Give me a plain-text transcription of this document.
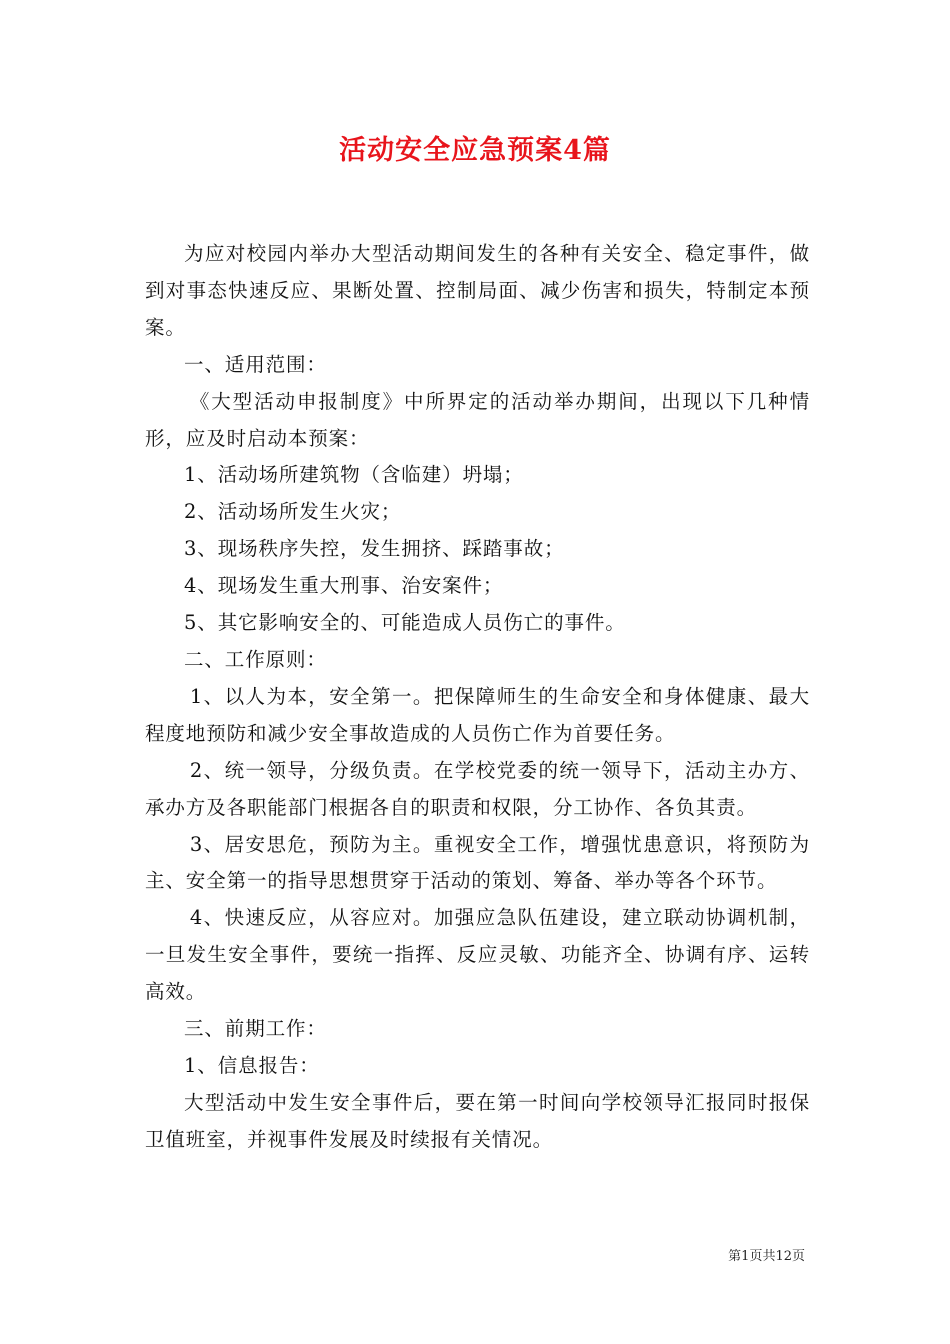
活动安全应急预案4篇

为应对校园内举办大型活动期间发生的各种有关安全、稳定事件，做到对事态快速反应、果断处置、控制局面、减少伤害和损失，特制定本预案。

一、适用范围：

《大型活动申报制度》中所界定的活动举办期间，出现以下几种情形，应及时启动本预案：

1、活动场所建筑物（含临建）坍塌；

2、活动场所发生火灾；

3、现场秩序失控，发生拥挤、踩踏事故；

4、现场发生重大刑事、治安案件；

5、其它影响安全的、可能造成人员伤亡的事件。

二、工作原则：

1、以人为本，安全第一。把保障师生的生命安全和身体健康、最大程度地预防和减少安全事故造成的人员伤亡作为首要任务。

2、统一领导，分级负责。在学校党委的统一领导下，活动主办方、承办方及各职能部门根据各自的职责和权限，分工协作、各负其责。

3、居安思危，预防为主。重视安全工作，增强忧患意识，将预防为主、安全第一的指导思想贯穿于活动的策划、筹备、举办等各个环节。

4、快速反应，从容应对。加强应急队伍建设，建立联动协调机制，一旦发生安全事件，要统一指挥、反应灵敏、功能齐全、协调有序、运转高效。

三、前期工作：

1、信息报告：

大型活动中发生安全事件后，要在第一时间向学校领导汇报同时报保卫值班室，并视事件发展及时续报有关情况。

第1页共12页
